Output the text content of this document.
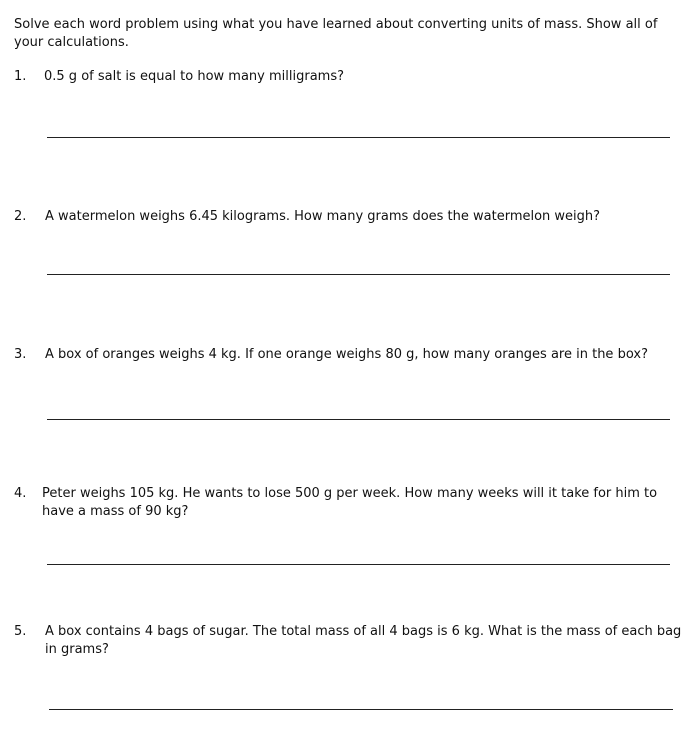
Solve each word problem using what you have learned about converting units of mass. Show all of your calculations.

1. 0.5 g of salt is equal to how many milligrams?

2. A watermelon weighs 6.45 kilograms. How many grams does the watermelon weigh?

3. A box of oranges weighs 4 kg. If one orange weighs 80 g, how many oranges are in the box?

4. Peter weighs 105 kg. He wants to lose 500 g per week. How many weeks will it take for him to have a mass of 90 kg?

5. A box contains 4 bags of sugar. The total mass of all 4 bags is 6 kg. What is the mass of each bag in grams?
